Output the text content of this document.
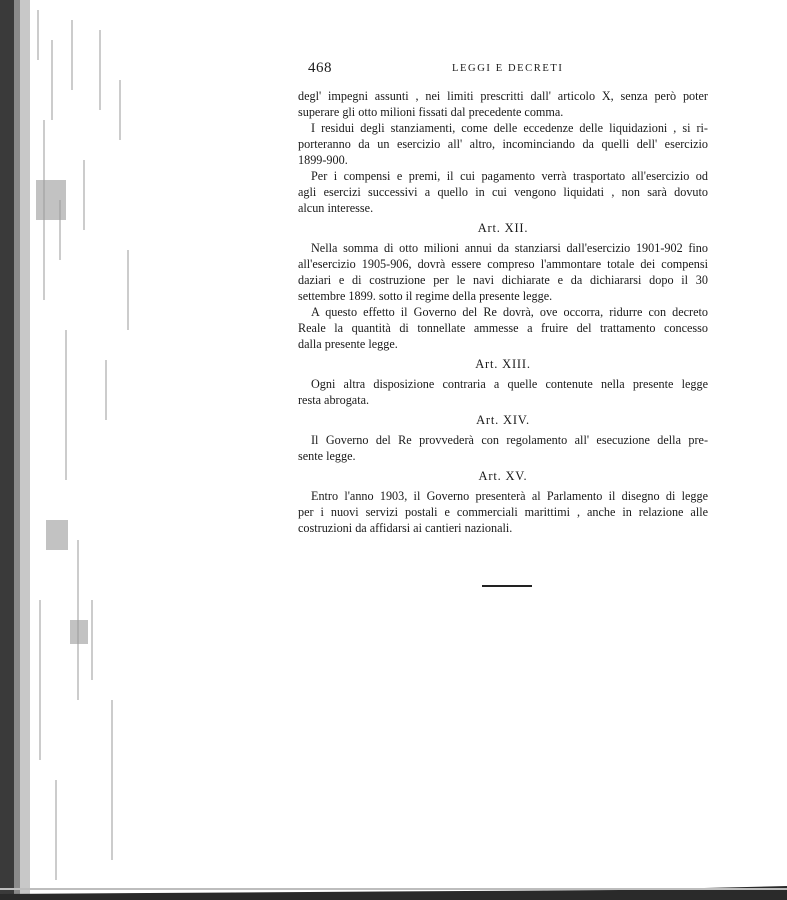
468	LEGGI E DECRETI
degl' impegni assunti , nei limiti prescritti dall' articolo X, senza però poter
superare gli otto milioni fissati dal precedente comma.
I residui degli stanziamenti, come delle eccedenze delle liquidazioni , si ri-
porteranno da un esercizio all' altro, incominciando da quelli dell' esercizio
1899-900.
Per i compensi e premi, il cui pagamento verrà trasportato all'esercizio od
agli esercizi successivi a quello in cui vengono liquidati , non sarà dovuto
alcun interesse.
Art. XII.
Nella somma di otto milioni annui da stanziarsi dall'esercizio 1901-902 fino
all'esercizio 1905-906, dovrà essere compreso l'ammontare totale dei compensi
daziari e di costruzione per le navi dichiarate e da dichiararsi dopo il 30
settembre 1899. sotto il regime della presente legge.
A questo effetto il Governo del Re dovrà, ove occorra, ridurre con decreto
Reale la quantità di tonnellate ammesse a fruire del trattamento concesso
dalla presente legge.
Art. XIII.
Ogni altra disposizione contraria a quelle contenute nella presente legge
resta abrogata.
Art. XIV.
Il Governo del Re provvederà con regolamento all' esecuzione della pre-
sente legge.
Art. XV.
Entro l'anno 1903, il Governo presenterà al Parlamento il disegno di legge
per i nuovi servizi postali e commerciali marittimi , anche in relazione alle
costruzioni da affidarsi ai cantieri nazionali.
